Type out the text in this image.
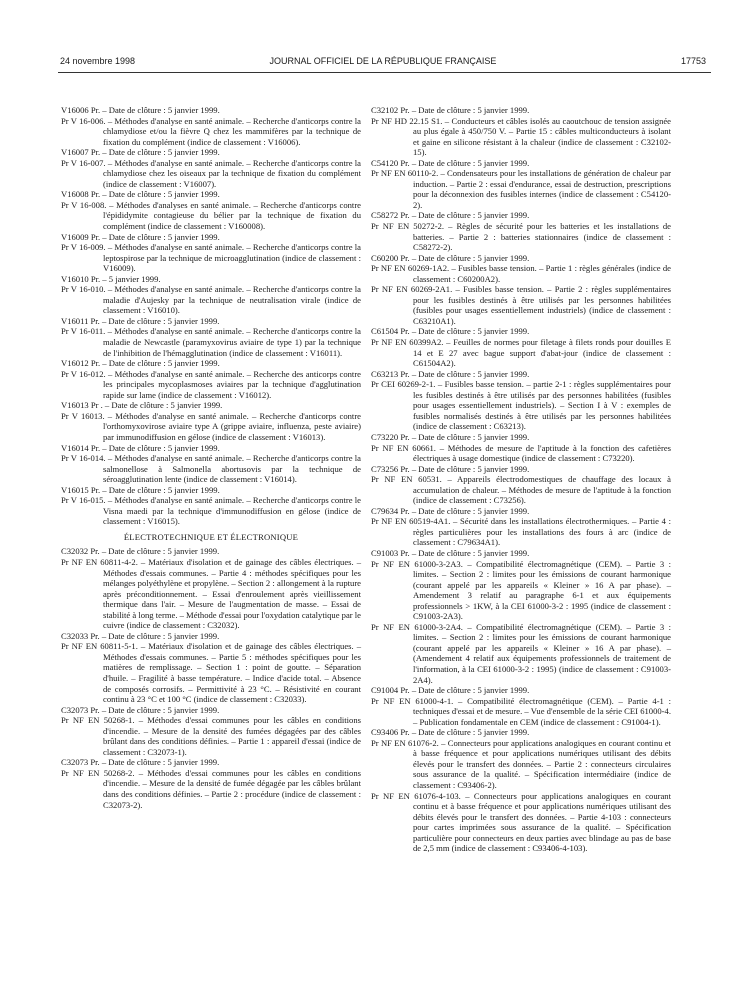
24 novembre 1998	JOURNAL OFFICIEL DE LA RÉPUBLIQUE FRANÇAISE	17753

V16006 Pr. – Date de clôture : 5 janvier 1999.

Pr V 16-006. – Méthodes d'analyse en santé animale. – Recherche d'anticorps contre la chlamydiose et/ou la fièvre Q chez les mammifères par la technique de fixation du complément (indice de classement : V16006).

V16007 Pr. – Date de clôture : 5 janvier 1999.

Pr V 16-007. – Méthodes d'analyse en santé animale. – Recherche d'anticorps contre la chlamydiose chez les oiseaux par la technique de fixation du complément (indice de classement : V16007).

V16008 Pr. – Date de clôture : 5 janvier 1999.

Pr V 16-008. – Méthodes d'analyses en santé animale. – Recherche d'anticorps contre l'épididymite contagieuse du bélier par la technique de fixation du complément (indice de classement : V160008).

V16009 Pr. – Date de clôture : 5 janvier 1999.

Pr V 16-009. – Méthodes d'analyse en santé animale. – Recherche d'anticorps contre la leptospirose par la technique de microagglutination (indice de classement : V16009).

V16010 Pr. – 5 janvier 1999.

Pr V 16-010. – Méthodes d'analyse en santé animale. – Recherche d'anticorps contre la maladie d'Aujesky par la technique de neutralisation virale (indice de classement : V16010).

V16011 Pr. – Date de clôture : 5 janvier 1999.

Pr V 16-011. – Méthodes d'analyse en santé animale. – Recherche d'anticorps contre la maladie de Newcastle (paramyxovirus aviaire de type 1) par la technique de l'inhibition de l'hémagglutination (indice de classement : V16011).

V16012 Pr. – Date de clôture : 5 janvier 1999.

Pr V 16-012. – Méthodes d'analyse en santé animale. – Recherche des anticorps contre les principales mycoplasmoses aviaires par la technique d'agglutination rapide sur lame (indice de classement : V16012).

V16013 Pr . – Date de clôture : 5 janvier 1999.

Pr V 16013. – Méthodes d'analyse en santé animale. – Recherche d'anticorps contre l'orthomyxovirose aviaire type A (grippe aviaire, influenza, peste aviaire) par immunodiffusion en gélose (indice de classement : V16013).

V16014 Pr. – Date de clôture : 5 janvier 1999.

Pr V 16-014. – Méthodes d'analyse en santé animale. – Recherche d'anticorps contre la salmonellose à Salmonella abortusovis par la technique de séroagglutination lente (indice de classement : V16014).

V16015 Pr. – Date de clôture : 5 janvier 1999.

Pr V 16-015. – Méthodes d'analyse en santé animale. – Recherche d'anticorps contre le Visna maedi par la technique d'immunodiffusion en gélose (indice de classement : V16015).

ÉLECTROTECHNIQUE ET ÉLECTRONIQUE

C32032 Pr. – Date de clôture : 5 janvier 1999.

Pr NF EN 60811-4-2. – Matériaux d'isolation et de gainage des câbles électriques. – Méthodes d'essais communes. – Partie 4 : méthodes spécifiques pour les mélanges polyéthylène et propylène. – Section 2 : allongement à la rupture après préconditionnement. – Essai d'enroulement après vieillissement thermique dans l'air. – Mesure de l'augmentation de masse. – Essai de stabilité à long terme. – Méthode d'essai pour l'oxydation catalytique par le cuivre (indice de classement : C32032).

C32033 Pr. – Date de clôture : 5 janvier 1999.

Pr NF EN 60811-5-1. – Matériaux d'isolation et de gainage des câbles électriques. – Méthodes d'essais communes. – Partie 5 : méthodes spécifiques pour les matières de remplissage. – Section 1 : point de goutte. – Séparation d'huile. – Fragilité à basse température. – Indice d'acide total. – Absence de composés corrosifs. – Permittivité à 23 °C. – Résistivité en courant continu à 23 °C et 100 °C (indice de classement : C32033).

C32073 Pr. – Date de clôture : 5 janvier 1999.

Pr NF EN 50268-1. – Méthodes d'essai communes pour les câbles en conditions d'incendie. – Mesure de la densité des fumées dégagées par des câbles brûlant dans des conditions définies. – Partie 1 : appareil d'essai (indice de classement : C32073-1).

C32073 Pr. – Date de clôture : 5 janvier 1999.

Pr NF EN 50268-2. – Méthodes d'essai communes pour les câbles en conditions d'incendie. – Mesure de la densité de fumée dégagée par les câbles brûlant dans des conditions définies. – Partie 2 : procédure (indice de classement : C32073-2).

C32102 Pr. – Date de clôture : 5 janvier 1999.

Pr NF HD 22.15 S1. – Conducteurs et câbles isolés au caoutchouc de tension assignée au plus égale à 450/750 V. – Partie 15 : câbles multiconducteurs à isolant et gaine en silicone résistant à la chaleur (indice de classement : C32102-15).

C54120 Pr. – Date de clôture : 5 janvier 1999.

Pr NF EN 60110-2. – Condensateurs pour les installations de génération de chaleur par induction. – Partie 2 : essai d'endurance, essai de destruction, prescriptions pour la déconnexion des fusibles internes (indice de classement : C54120-2).

C58272 Pr. – Date de clôture : 5 janvier 1999.

Pr NF EN 50272-2. – Règles de sécurité pour les batteries et les installations de batteries. – Partie 2 : batteries stationnaires (indice de classement : C58272-2).

C60200 Pr. – Date de clôture : 5 janvier 1999.

Pr NF EN 60269-1A2. – Fusibles basse tension. – Partie 1 : règles générales (indice de classement : C60200A2).

Pr NF EN 60269-2A1. – Fusibles basse tension. – Partie 2 : règles supplémentaires pour les fusibles destinés à être utilisés par les personnes habilitées (fusibles pour usages essentiellement industriels) (indice de classement : C63210A1).

C61504 Pr. – Date de clôture : 5 janvier 1999.

Pr NF EN 60399A2. – Feuilles de normes pour filetage à filets ronds pour douilles E 14 et E 27 avec bague support d'abat-jour (indice de classement : C61504A2).

C63213 Pr. – Date de clôture : 5 janvier 1999.

Pr CEI 60269-2-1. – Fusibles basse tension. – partie 2-1 : règles supplémentaires pour les fusibles destinés à être utilisés par des personnes habilitées (fusibles pour usages essentiellement industriels). – Section I à V : exemples de fusibles normalisés destinés à être utilisés par les personnes habilitées (indice de classement : C63213).

C73220 Pr. – Date de clôture : 5 janvier 1999.

Pr NF EN 60661. – Méthodes de mesure de l'aptitude à la fonction des cafetières électriques à usage domestique (indice de classement : C73220).

C73256 Pr. – Date de clôture : 5 janvier 1999.

Pr NF EN 60531. – Appareils électrodomestiques de chauffage des locaux à accumulation de chaleur. – Méthodes de mesure de l'aptitude à la fonction (indice de classement : C73256).

C79634 Pr. – Date de clôture : 5 janvier 1999.

Pr NF EN 60519-4A1. – Sécurité dans les installations électrothermiques. – Partie 4 : règles particulières pour les installations des fours à arc (indice de classement : C79634A1).

C91003 Pr. – Date de clôture : 5 janvier 1999.

Pr NF EN 61000-3-2A3. – Compatibilité électromagnétique (CEM). – Partie 3 : limites. – Section 2 : limites pour les émissions de courant harmonique (courant appelé par les appareils « Kleiner » 16 A par phase). – Amendement 3 relatif au paragraphe 6-1 et aux équipements professionnels > 1KW, à la CEI 61000-3-2 : 1995 (indice de classement : C91003-2A3).

Pr NF EN 61000-3-2A4. – Compatibilité électromagnétique (CEM). – Partie 3 : limites. – Section 2 : limites pour les émissions de courant harmonique (courant appelé par les appareils « Kleiner » 16 A par phase). – (Amendement 4 relatif aux équipements professionnels de traitement de l'information, à la CEI 61000-3-2 : 1995) (indice de classement : C91003-2A4).

C91004 Pr. – Date de clôture : 5 janvier 1999.

Pr NF EN 61000-4-1. – Compatibilité électromagnétique (CEM). – Partie 4-1 : techniques d'essai et de mesure. – Vue d'ensemble de la série CEI 61000-4. – Publication fondamentale en CEM (indice de classement : C91004-1).

C93406 Pr. – Date de clôture : 5 janvier 1999.

Pr NF EN 61076-2. – Connecteurs pour applications analogiques en courant continu et à basse fréquence et pour applications numériques utilisant des débits élevés pour le transfert des données. – Partie 2 : connecteurs circulaires sous assurance de la qualité. – Spécification intermédiaire (indice de classement : C93406-2).

Pr NF EN 61076-4-103. – Connecteurs pour applications analogiques en courant continu et à basse fréquence et pour applications numériques utilisant des débits élevés pour le transfert des données. – Partie 4-103 : connecteurs pour cartes imprimées sous assurance de la qualité. – Spécification particulière pour connecteurs en deux parties avec blindage au pas de base de 2,5 mm (indice de classement : C93406-4-103).
